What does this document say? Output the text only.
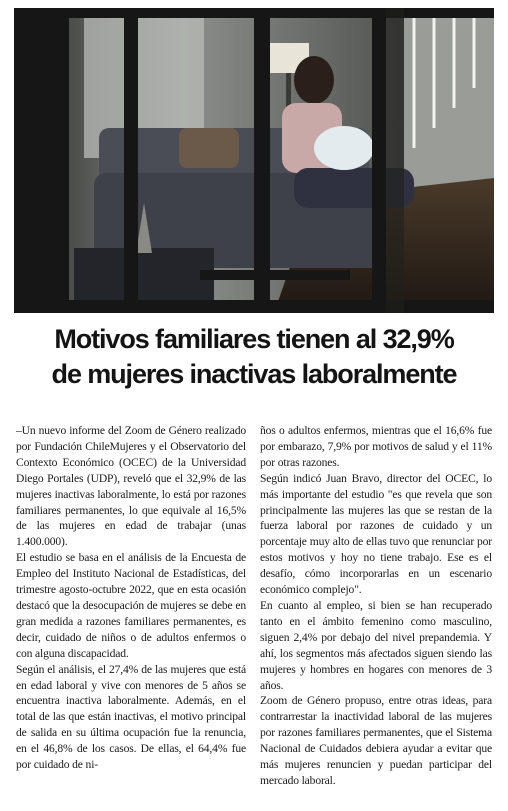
Motivos familiares tienen al 32,9%
de mujeres inactivas laboralmente

–Un nuevo informe del Zoom de Género realizado por Fundación ChileMujeres y el Observatorio del Contexto Económico (OCEC) de la Universidad Diego Portales (UDP), reveló que el 32,9% de las mujeres inactivas laboralmente, lo está por razones familiares permanentes, lo que equivale al 16,5% de las mujeres en edad de trabajar (unas 1.400.000).

El estudio se basa en el análisis de la Encuesta de Empleo del Instituto Nacional de Estadísticas, del trimestre agosto-octubre 2022, que en esta ocasión destacó que la desocupación de mujeres se debe en gran medida a razones familiares permanentes, es decir, cuidado de niños o de adultos enfermos o con alguna discapacidad.

Según el análisis, el 27,4% de las mujeres que está en edad laboral y vive con menores de 5 años se encuentra inactiva laboralmente. Además, en el total de las que están inactivas, el motivo principal de salida en su última ocupación fue la renuncia, en el 46,8% de los casos. De ellas, el 64,4% fue por cuidado de ni-

ños o adultos enfermos, mientras que el 16,6% fue por embarazo, 7,9% por motivos de salud y el 11% por otras razones.

Según indicó Juan Bravo, director del OCEC, lo más importante del estudio "es que revela que son principalmente las mujeres las que se restan de la fuerza laboral por razones de cuidado y un porcentaje muy alto de ellas tuvo que renunciar por estos motivos y hoy no tiene trabajo. Ese es el desafío, cómo incorporarlas en un escenario económico complejo".

En cuanto al empleo, si bien se han recuperado tanto en el ámbito femenino como masculino, siguen 2,4% por debajo del nivel prepandemia. Y ahí, los segmentos más afectados siguen siendo las mujeres y hombres en hogares con menores de 3 años.

Zoom de Género propuso, entre otras ideas, para contrarrestar la inactividad laboral de las mujeres por razones familiares permanentes, que el Sistema Nacional de Cuidados debiera ayudar a evitar que más mujeres renuncien y puedan participar del mercado laboral.
